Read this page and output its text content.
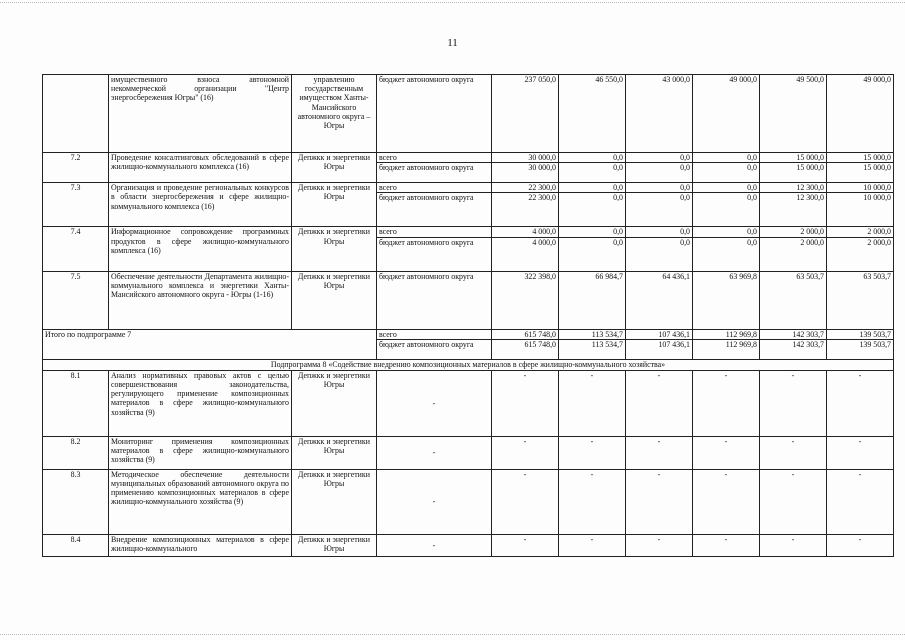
11
	имущественного взноса автономной некоммерческой организации "Центр энергосбережения Югры" (16)	управлению государственным имуществом Ханты-Мансийского автономного округа – Югры	бюджет автономного округа	237 050,0	46 550,0	43 000,0	49 000,0	49 500,0	49 000,0
7.2	Проведение консалтинговых обследований в сфере жилищно-коммунального комплекса (16)	Депжкк и энергетики Югры	всего	30 000,0	0,0	0,0	0,0	15 000,0	15 000,0
			бюджет автономного округа	30 000,0	0,0	0,0	0,0	15 000,0	15 000,0
7.3	Организация и проведение региональных конкурсов в области энергосбережения и сфере жилищно-коммунального комплекса (16)	Депжкк и энергетики Югры	всего	22 300,0	0,0	0,0	0,0	12 300,0	10 000,0
			бюджет автономного округа	22 300,0	0,0	0,0	0,0	12 300,0	10 000,0
7.4	Информационное сопровождение программных продуктов в сфере жилищно-коммунального комплекса (16)	Депжкк и энергетики Югры	всего	4 000,0	0,0	0,0	0,0	2 000,0	2 000,0
			бюджет автономного округа	4 000,0	0,0	0,0	0,0	2 000,0	2 000,0
7.5	Обеспечение деятельности Департамента жилищно-коммунального комплекса и энергетики Ханты-Мансийского автономного округа - Югры (1-16)	Депжкк и энергетики Югры	бюджет автономного округа	322 398,0	66 984,7	64 436,1	63 969,8	63 503,7	63 503,7
Итого по подпрограмме 7			всего	615 748,0	113 534,7	107 436,1	112 969,8	142 303,7	139 503,7
			бюджет автономного округа	615 748,0	113 534,7	107 436,1	112 969,8	142 303,7	139 503,7
Подпрограмма 8 «Содействие внедрению композиционных материалов в сфере жилищно-коммунального хозяйства»									
8.1	Анализ нормативных правовых актов с целью совершенствования законодательства, регулирующего применение композиционных материалов в сфере жилищно-коммунального хозяйства (9)	Депжкк и энергетики Югры	-	-	-	-	-	-	-
8.2	Мониторинг применения композиционных материалов в сфере жилищно-коммунального хозяйства (9)	Депжкк и энергетики Югры	-	-	-	-	-	-	-
8.3	Методическое обеспечение деятельности муниципальных образований автономного округа по применению композиционных материалов в сфере жилищно-коммунального хозяйства (9)	Депжкк и энергетики Югры	-	-	-	-	-	-	-
8.4	Внедрение композиционных материалов в сфере жилищно-коммунального	Депжкк и энергетики Югры	-	-	-	-	-	-	-
